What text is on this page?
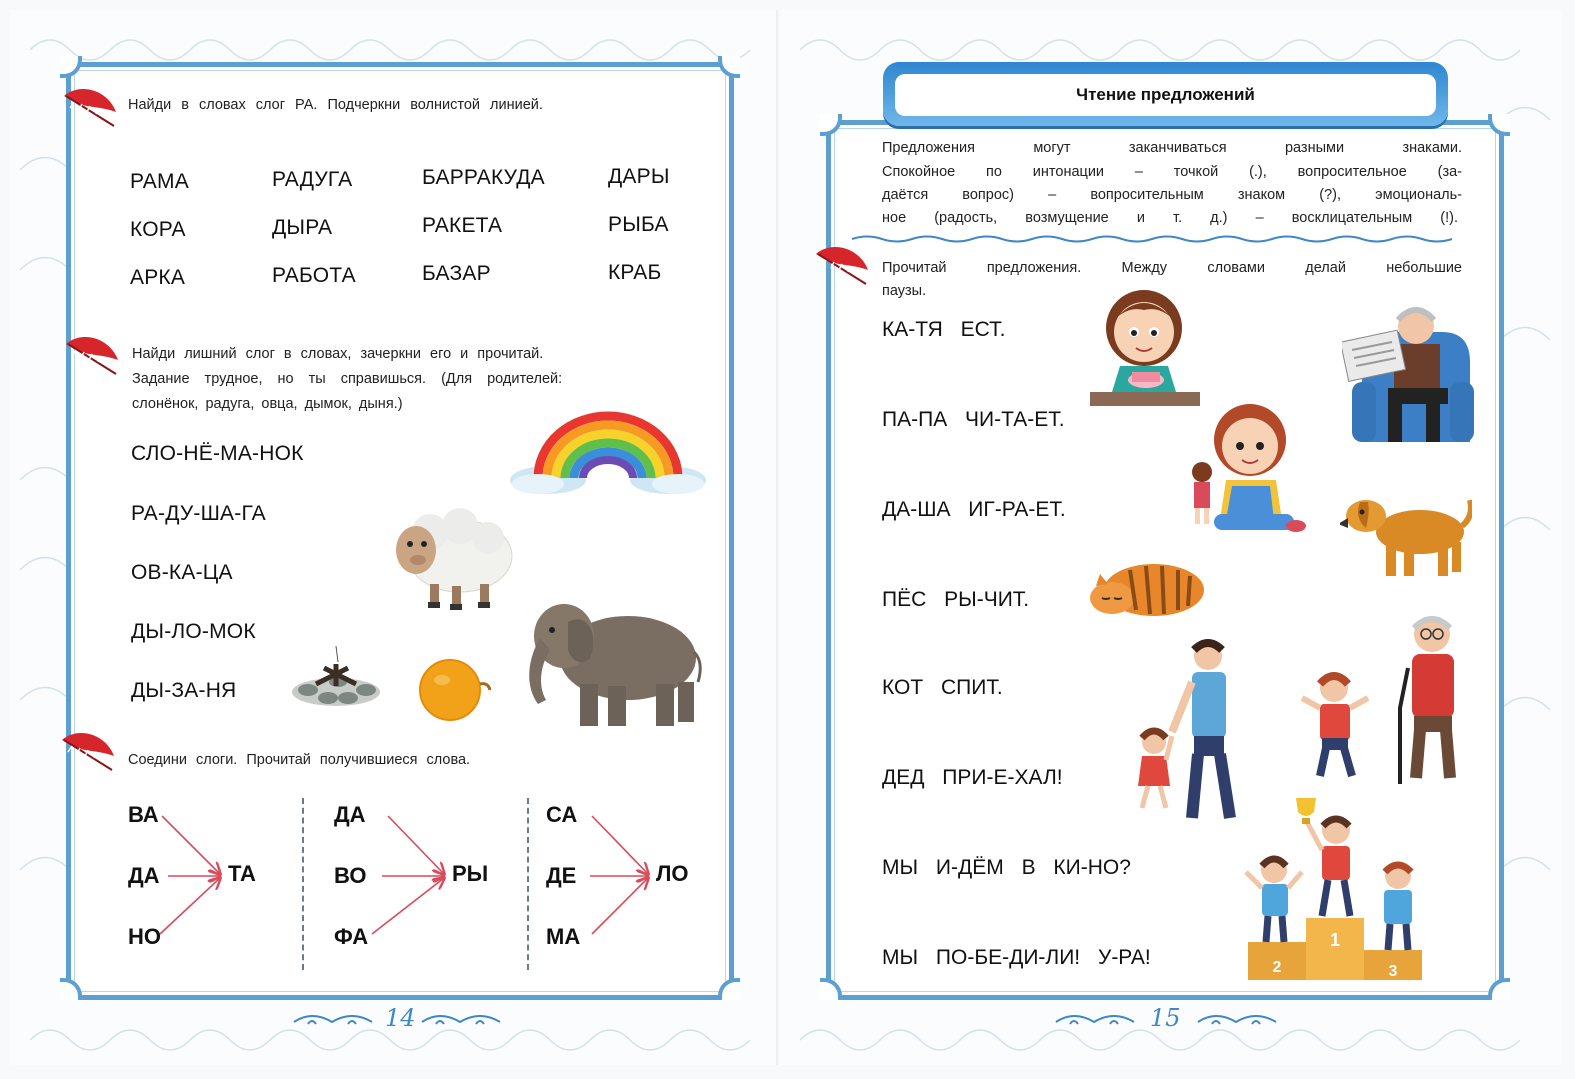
Чтение предложений
Найди в словах слог РА. Подчеркни волнистой линией.
РАМА	РАДУГА	БАРРАКУДА	ДАРЫ
КОРА	ДЫРА	РАКЕТА	РЫБА
АРКА	РАБОТА	БАЗАР	КРАБ
Найди лишний слог в словах, зачеркни его и прочитай.
Задание трудное, но ты справишься. (Для родителей:
слонёнок, радуга, овца, дымок, дыня.)
СЛО-НЁ-МА-НОК
РА-ДУ-ША-ГА
ОВ-КА-ЦА
ДЫ-ЛО-МОК
ДЫ-ЗА-НЯ
Соедини слоги. Прочитай получившиеся слова.
ВА
ДА
НО
ТА
ДА
ВО
ФА
РЫ
СА
ДЕ
МА
ЛО
Предложения могут заканчиваться разными знаками.
Спокойное по интонации – точкой (.), вопросительное (за-
даётся вопрос) – вопросительным знаком (?), эмоциональ-
ное (радость, возмущение и т. д.) – восклицательным (!).
Прочитай предложения. Между словами делай небольшие
паузы.
КА-ТЯ ЕСТ.
ПА-ПА ЧИ-ТА-ЕТ.
ДА-ША ИГ-РА-ЕТ.
ПЁС РЫ-ЧИТ.
КОТ СПИТ.
ДЕД ПРИ-Е-ХАЛ!
МЫ И-ДЁМ В КИ-НО?
МЫ ПО-БЕ-ДИ-ЛИ! У-РА!	2
1
3
14	15
